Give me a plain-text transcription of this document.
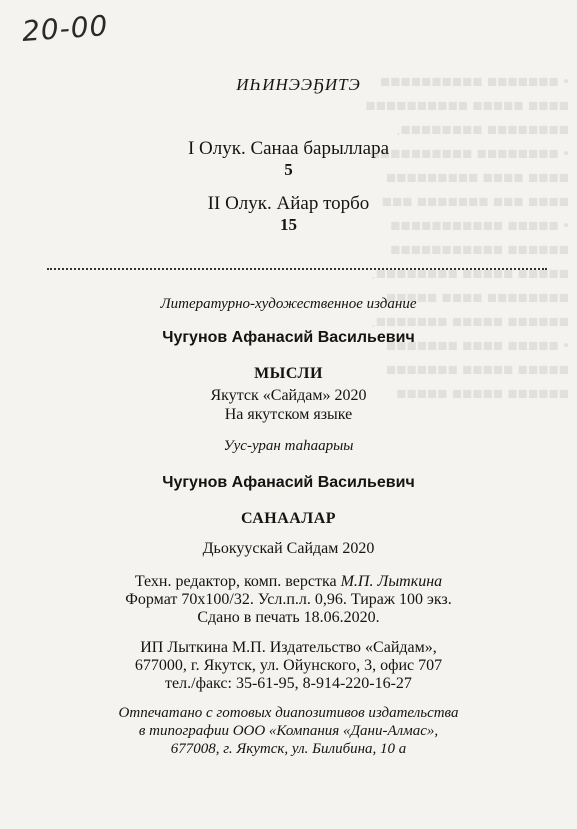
20-00
• ■■■■■■■ ■■■■■■■■■■
■■■■ ■■■■■ ■■■■■■■■■■
■■■■■■■■ ■■■■■■■■.
• ■■■■■■■■ ■■■■■■■■■■
■■■■ ■■■■ ■■■■■■■■■
■■■■ ■■■ ■■■■■■■ ■■■
• ■■■■■ ■■■■■■■■■■■
■■■■■■ ■■■■■■■■■■■
■■■■■ ■■■■■ ■■■■■■■■.
■■■■■■■■ ■■■■ ■■■■■
■■■■■■ ■■■■■ ■■■■■■■.
• ■■■■■ ■■■■ ■■■■■■■
■■■■■ ■■■■■ ■■■■■■■
■■■■■■ ■■■■■ ■■■■■
ИҺИНЭЭҔИТЭ
I Олук. Санаа барыллара
5
II Олук. Айар торбо
15
Литературно-художественное издание
Чугунов Афанасий Васильевич
МЫСЛИ
Якутск «Сайдам» 2020
На якутском языке
Уус-уран таһаарыы
Чугунов Афанасий Васильевич
САНААЛАР
Дьокуускай Сайдам 2020
Техн. редактор, комп. верстка М.П. Лыткина
Формат 70х100/32. Усл.п.л. 0,96. Тираж 100 экз.
Сдано в печать 18.06.2020.
ИП Лыткина М.П. Издательство «Сайдам»,
677000, г. Якутск, ул. Ойунского, 3, офис 707
тел./факс: 35-61-95, 8-914-220-16-27
Отпечатано с готовых диапозитивов издательства
в типографии ООО «Компания «Дани-Алмас»,
677008, г. Якутск, ул. Билибина, 10 а
